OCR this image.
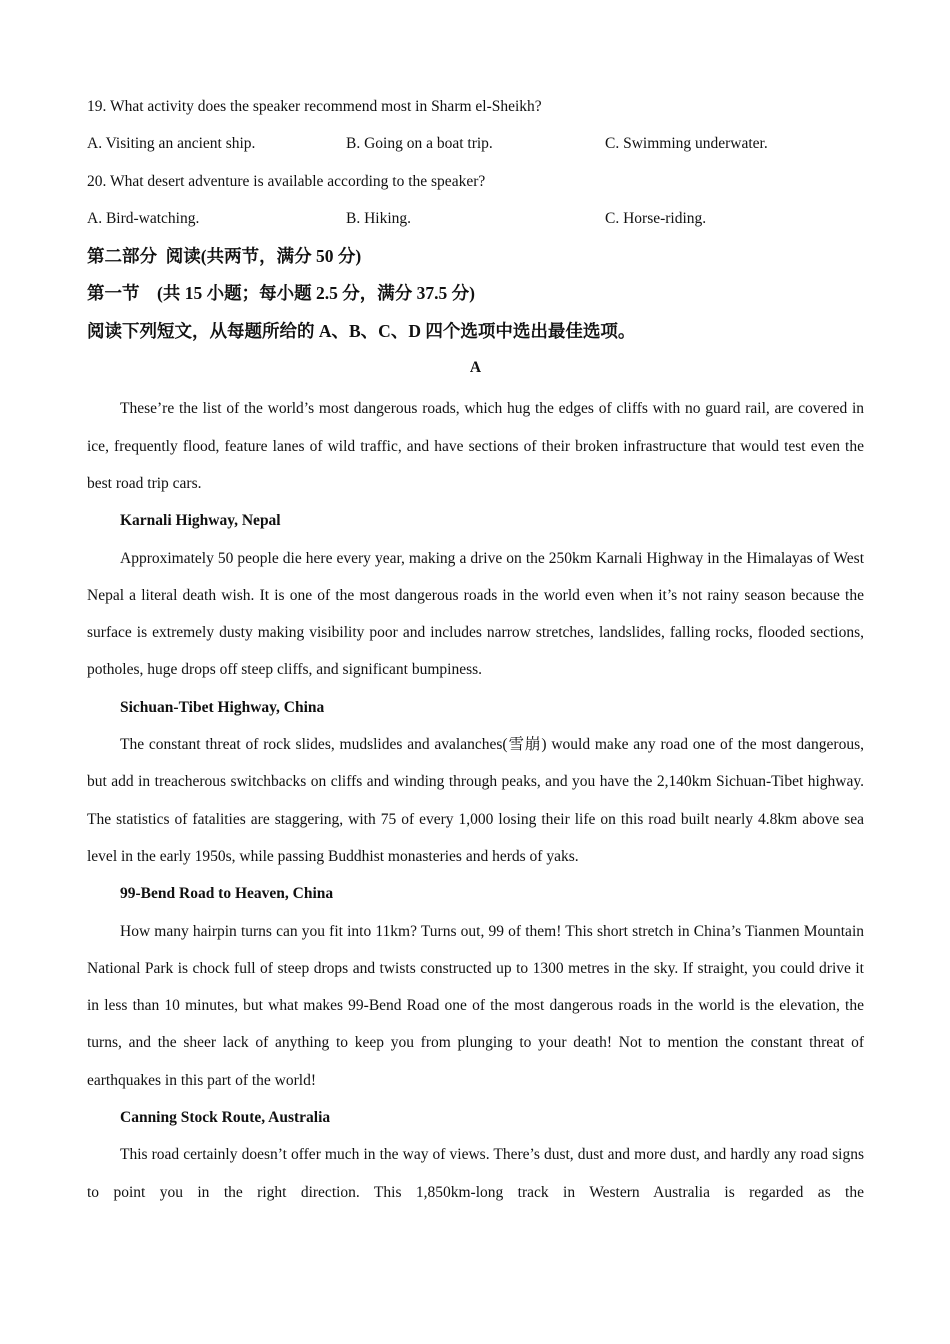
19. What activity does the speaker recommend most in Sharm el-Sheikh?
A. Visiting an ancient ship.	B. Going on a boat trip.	C. Swimming underwater.
20. What desert adventure is available according to the speaker?
A. Bird-watching.	B. Hiking.	C. Horse-riding.
第二部分  阅读(共两节，满分 50 分)
第一节    (共 15 小题；每小题 2.5 分，满分 37.5 分)
阅读下列短文，从每题所给的 A、B、C、D 四个选项中选出最佳选项。
A

These’re the list of the world’s most dangerous roads, which hug the edges of cliffs with no guard rail, are covered in ice, frequently flood, feature lanes of wild traffic, and have sections of their broken infrastructure that would test even the best road trip cars.

Karnali Highway, Nepal

Approximately 50 people die here every year, making a drive on the 250km Karnali Highway in the Himalayas of West Nepal a literal death wish. It is one of the most dangerous roads in the world even when it’s not rainy season because the surface is extremely dusty making visibility poor and includes narrow stretches, landslides, falling rocks, flooded sections, potholes, huge drops off steep cliffs, and significant bumpiness.

Sichuan-Tibet Highway, China

The constant threat of rock slides, mudslides and avalanches(雪崩) would make any road one of the most dangerous, but add in treacherous switchbacks on cliffs and winding through peaks, and you have the 2,140km Sichuan-Tibet highway. The statistics of fatalities are staggering, with 75 of every 1,000 losing their life on this road built nearly 4.8km above sea level in the early 1950s, while passing Buddhist monasteries and herds of yaks.

99-Bend Road to Heaven, China

How many hairpin turns can you fit into 11km? Turns out, 99 of them! This short stretch in China’s Tianmen Mountain National Park is chock full of steep drops and twists constructed up to 1300 metres in the sky. If straight, you could drive it in less than 10 minutes, but what makes 99-Bend Road one of the most dangerous roads in the world is the elevation, the turns, and the sheer lack of anything to keep you from plunging to your death! Not to mention the constant threat of earthquakes in this part of the world!

Canning Stock Route, Australia

This road certainly doesn’t offer much in the way of views. There’s dust, dust and more dust, and hardly any road signs to point you in the right direction. This 1,850km-long track in Western Australia is regarded as the
